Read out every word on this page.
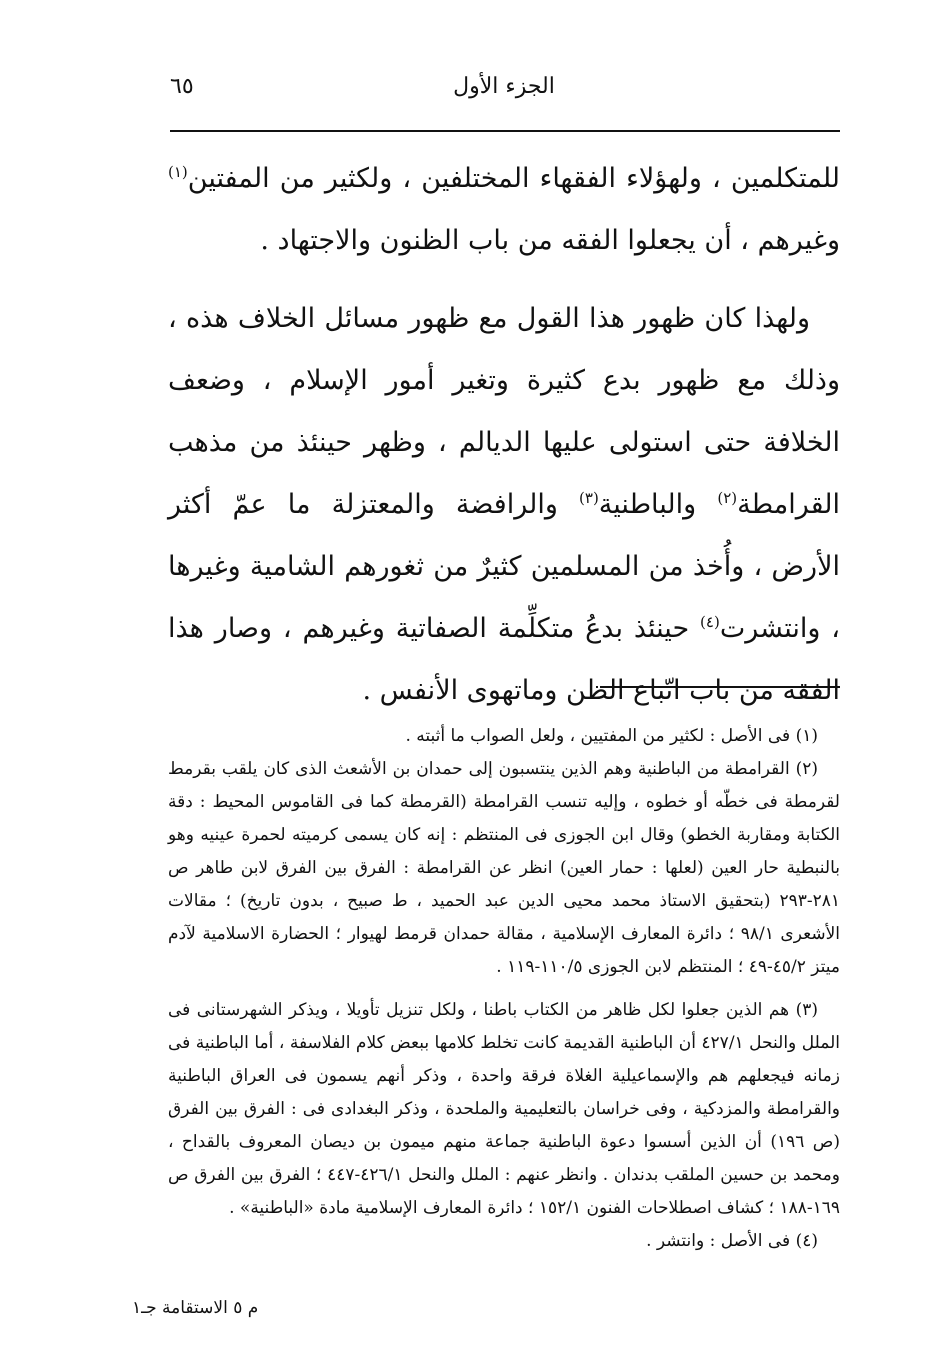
٦٥	الجزء الأول

للمتكلمين ، ولهؤلاء الفقهاء المختلفين ، ولكثير من المفتين$^{(١)}$ وغيرهم ، أن يجعلوا الفقه من باب الظنون والاجتهاد .

ولهذا كان ظهور هذا القول مع ظهور مسائل الخلاف هذه ، وذلك مع ظهور بدع كثيرة وتغير أمور الإسلام ، وضعف الخلافة حتى استولى عليها الديالم ، وظهر حينئذ من مذهب القرامطة$^{(٢)}$ والباطنية$^{(٣)}$ والرافضة والمعتزلة ما عمّ أكثر الأرض ، وأُخذ من المسلمين كثيرٌ من ثغورهم الشامية وغيرها ، وانتشرت$^{(٤)}$ حينئذ بدعُ متكلِّمة الصفاتية وغيرهم ، وصار هذا الفقه من باب اتّباع الظن وماتهوى الأنفس .

(١) فى الأصل : لكثير من المفتيين ، ولعل الصواب ما أثبته .

(٢) القرامطة من الباطنية وهم الذين ينتسبون إلى حمدان بن الأشعث الذى كان يلقب بقرمط لقرمطة فى خطّه أو خطوه ، وإليه تنسب القرامطة (القرمطة كما فى القاموس المحيط : دقة الكتابة ومقاربة الخطو) وقال ابن الجوزى فى المنتظم : إنه كان يسمى كرميته لحمرة عينيه وهو بالنبطية حار العين (لعلها : حمار العين) انظر عن القرامطة : الفرق بين الفرق لابن طاهر ص ٢٨١-٢٩٣ (بتحقيق الاستاذ محمد محيى الدين عبد الحميد ، ط صبيح ، بدون تاريخ) ؛ مقالات الأشعرى ٩٨/١ ؛ دائرة المعارف الإسلامية ، مقالة حمدان قرمط لهيوار ؛ الحضارة الاسلامية لآدم ميتز ٤٥/٢-٤٩ ؛ المنتظم لابن الجوزى ١١٠/٥-١١٩ .

(٣) هم الذين جعلوا لكل ظاهر من الكتاب باطنا ، ولكل تنزيل تأويلا ، ويذكر الشهرستانى فى الملل والنحل ٤٢٧/١ أن الباطنية القديمة كانت تخلط كلامها ببعض كلام الفلاسفة ، أما الباطنية فى زمانه فيجعلهم هم والإسماعيلية الغلاة فرقة واحدة ، وذكر أنهم يسمون فى العراق الباطنية والقرامطة والمزدكية ، وفى خراسان بالتعليمية والملحدة ، وذكر البغدادى فى : الفرق بين الفرق (ص ١٩٦) أن الذين أسسوا دعوة الباطنية جماعة منهم ميمون بن ديصان المعروف بالقداح ، ومحمد بن حسين الملقب بدندان . وانظر عنهم : الملل والنحل ٤٢٦/١-٤٤٧ ؛ الفرق بين الفرق ص ١٦٩-١٨٨ ؛ كشاف اصطلاحات الفنون ١٥٢/١ ؛ دائرة المعارف الإسلامية مادة «الباطنية» .

(٤) فى الأصل : وانتشر .

م ٥ الاستقامة جـ١
